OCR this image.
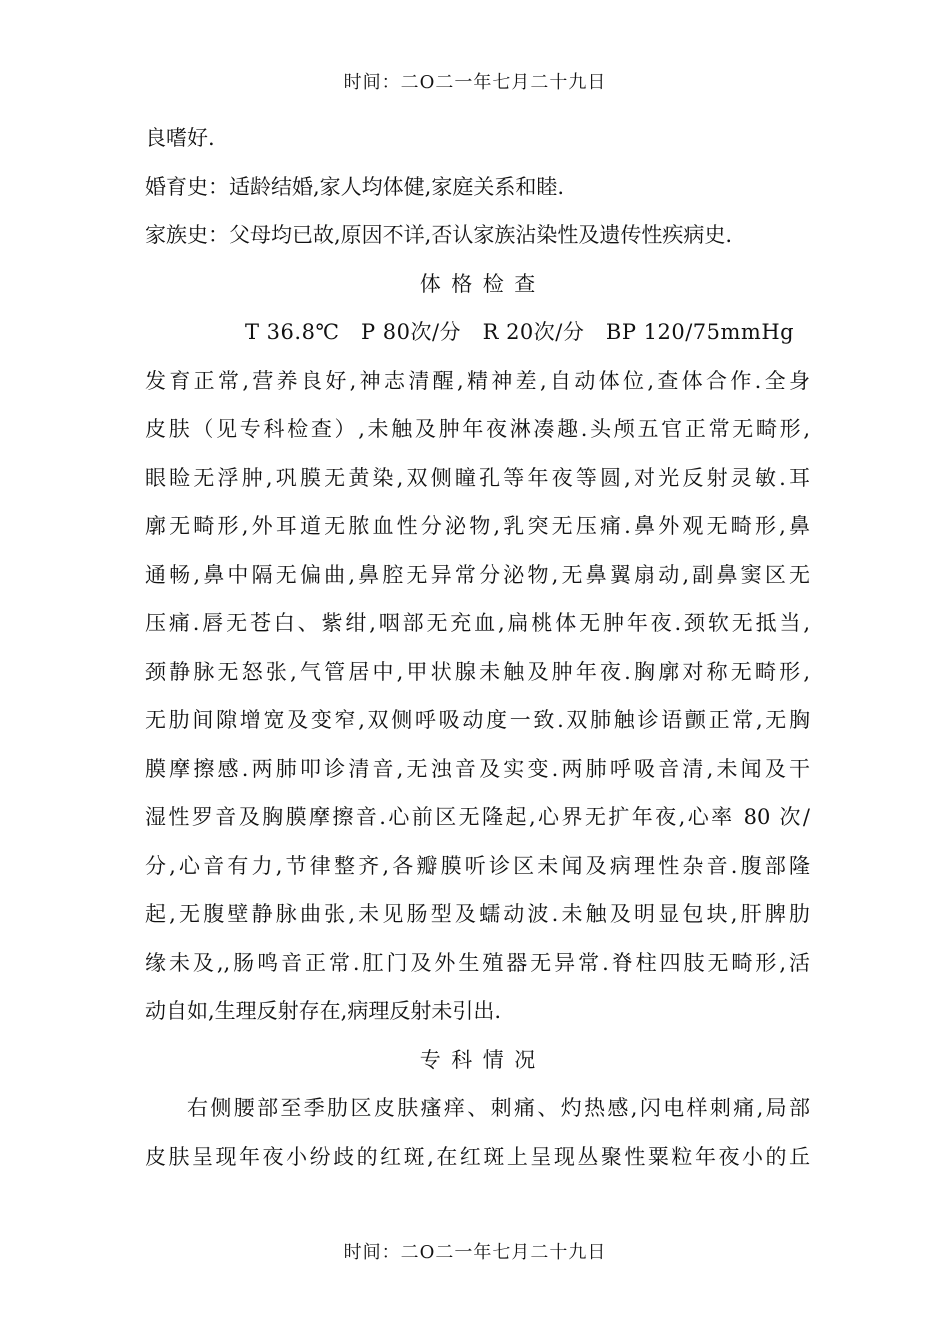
时间：二O二一年七月二十九日
良嗜好.
婚育史：适龄结婚,家人均体健,家庭关系和睦.
家族史：父母均已故,原因不详,否认家族沾染性及遗传性疾病史.
体格检查
T 36.8℃   P 80次/分   R 20次/分   BP 120/75mmHg
发育正常,营养良好,神志清醒,精神差,自动体位,查体合作.全身
皮肤（见专科检查）,未触及肿年夜淋凑趣.头颅五官正常无畸形,
眼睑无浮肿,巩膜无黄染,双侧瞳孔等年夜等圆,对光反射灵敏.耳
廓无畸形,外耳道无脓血性分泌物,乳突无压痛.鼻外观无畸形,鼻
通畅,鼻中隔无偏曲,鼻腔无异常分泌物,无鼻翼扇动,副鼻窦区无
压痛.唇无苍白、紫绀,咽部无充血,扁桃体无肿年夜.颈软无抵当,
颈静脉无怒张,气管居中,甲状腺未触及肿年夜.胸廓对称无畸形,
无肋间隙增宽及变窄,双侧呼吸动度一致.双肺触诊语颤正常,无胸
膜摩擦感.两肺叩诊清音,无浊音及实变.两肺呼吸音清,未闻及干
湿性罗音及胸膜摩擦音.心前区无隆起,心界无扩年夜,心率 80 次/
分,心音有力,节律整齐,各瓣膜听诊区未闻及病理性杂音.腹部隆
起,无腹壁静脉曲张,未见肠型及蠕动波.未触及明显包块,肝脾肋
缘未及,,肠鸣音正常.肛门及外生殖器无异常.脊柱四肢无畸形,活
动自如,生理反射存在,病理反射未引出.
专科情况
右侧腰部至季肋区皮肤瘙痒、刺痛、灼热感,闪电样刺痛,局部
皮肤呈现年夜小纷歧的红斑,在红斑上呈现丛聚性粟粒年夜小的丘
时间：二O二一年七月二十九日
